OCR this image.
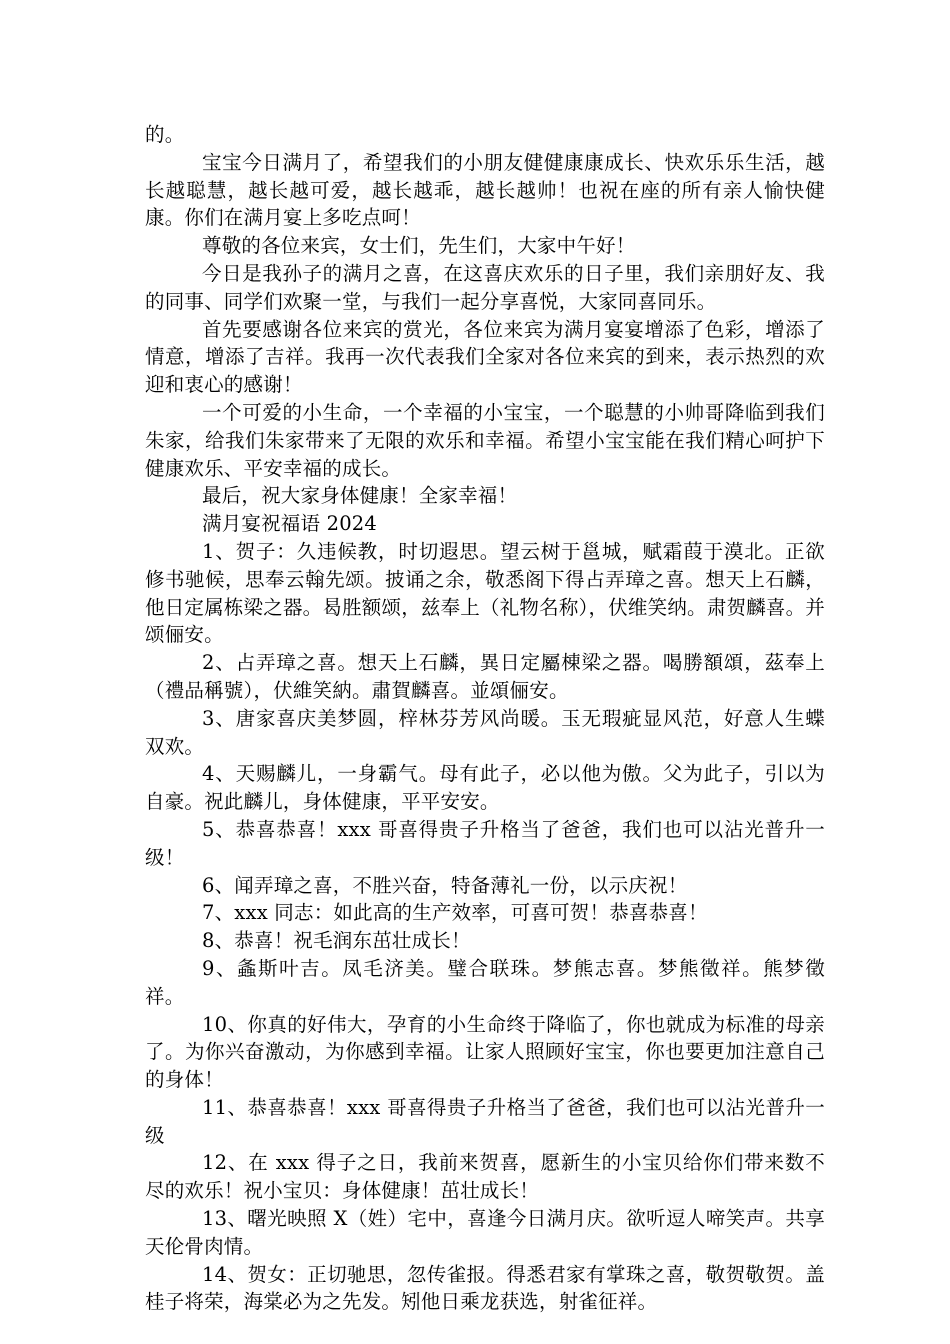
的。

宝宝今日满月了，希望我们的小朋友健健康康成长、快欢乐乐生活，越长越聪慧，越长越可爱，越长越乖，越长越帅！也祝在座的所有亲人愉快健康。你们在满月宴上多吃点呵！

尊敬的各位来宾，女士们，先生们，大家中午好！

今日是我孙子的满月之喜，在这喜庆欢乐的日子里，我们亲朋好友、我的同事、同学们欢聚一堂，与我们一起分享喜悦，大家同喜同乐。

首先要感谢各位来宾的赏光，各位来宾为满月宴宴增添了色彩，增添了情意，增添了吉祥。我再一次代表我们全家对各位来宾的到来，表示热烈的欢迎和衷心的感谢！

一个可爱的小生命，一个幸福的小宝宝，一个聪慧的小帅哥降临到我们朱家，给我们朱家带来了无限的欢乐和幸福。希望小宝宝能在我们精心呵护下健康欢乐、平安幸福的成长。

最后，祝大家身体健康！全家幸福！

满月宴祝福语 2024

1、贺子：久违候教，时切遐思。望云树于邕城，赋霜葭于漠北。正欲修书驰候，思奉云翰先颂。披诵之余，敬悉阁下得占弄璋之喜。想天上石麟，他日定属栋梁之器。曷胜额颂，兹奉上（礼物名称），伏维笑纳。肃贺麟喜。并颂俪安。

2、占弄璋之喜。想天上石麟，異日定屬棟梁之器。喝勝額頌，茲奉上（禮品稱號），伏維笑納。肅賀麟喜。並頌俪安。

3、唐家喜庆美梦圆，梓林芬芳风尚暖。玉无瑕疵显风范，好意人生蝶双欢。

4、天赐麟儿，一身霸气。母有此子，必以他为傲。父为此子，引以为自豪。祝此麟儿，身体健康，平平安安。

5、恭喜恭喜！xxx 哥喜得贵子升格当了爸爸，我们也可以沾光普升一级！

6、闻弄璋之喜，不胜兴奋，特备薄礼一份，以示庆祝！

7、xxx 同志：如此高的生产效率，可喜可贺！恭喜恭喜！

8、恭喜！祝毛润东茁壮成长！

9、螽斯叶吉。凤毛济美。璧合联珠。梦熊志喜。梦熊徵祥。熊梦徵祥。

10、你真的好伟大，孕育的小生命终于降临了，你也就成为标准的母亲了。为你兴奋激动，为你感到幸福。让家人照顾好宝宝，你也要更加注意自己的身体！

11、恭喜恭喜！xxx 哥喜得贵子升格当了爸爸，我们也可以沾光普升一级

12、在 xxx 得子之日，我前来贺喜，愿新生的小宝贝给你们带来数不尽的欢乐！祝小宝贝：身体健康！茁壮成长！

13、曙光映照 X（姓）宅中，喜逢今日满月庆。欲听逗人啼笑声。共享天伦骨肉情。

14、贺女：正切驰思，忽传雀报。得悉君家有掌珠之喜，敬贺敬贺。盖桂子将荣，海棠必为之先发。矧他日乘龙获选，射雀征祥。
